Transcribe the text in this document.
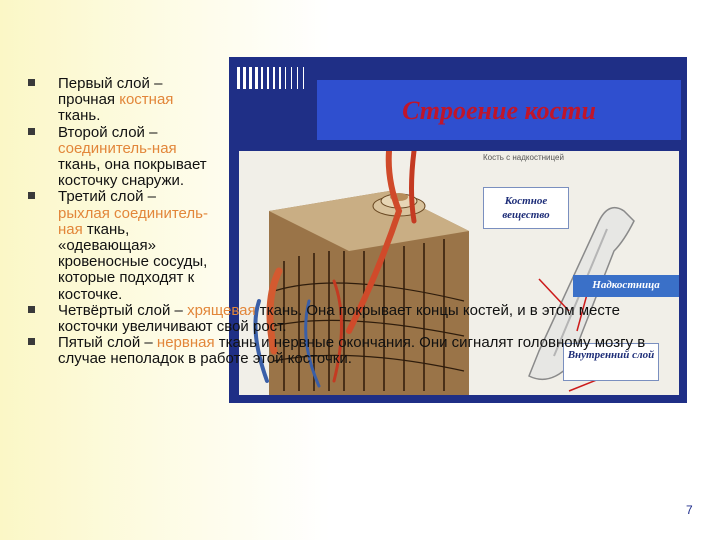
Строение кости
Кость с надкостницей
Костное вещество
Надкостница
Внутренний слой
Первый слой – прочная костная ткань.
Второй слой – соединитель-ная ткань, она покрывает косточку снаружи.
Третий слой – рыхлая соединитель-ная ткань, «одевающая» кровеносные сосуды, которые подходят к косточке.
Четвёртый слой – хрящевая ткань. Она покрывает концы костей, и в этом месте косточки увеличивают свой рост.
Пятый слой – нервная ткань и нервные окончания. Они сигналят головному мозгу в случае неполадок в работе этой косточки.
7
